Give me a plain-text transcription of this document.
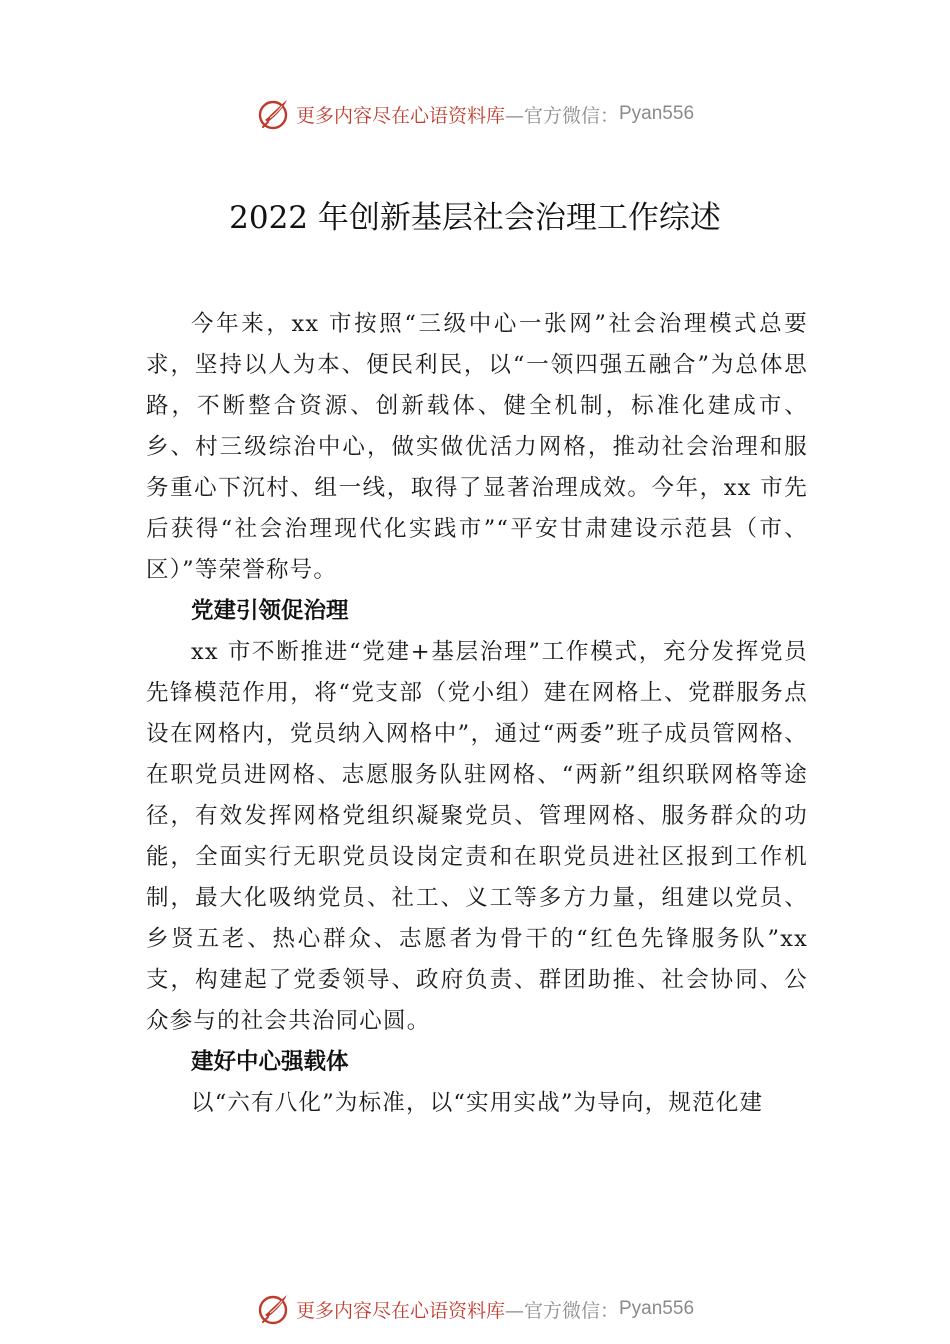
更多内容尽在心语资料库 —官方微信： Pyan556
2022 年创新基层社会治理工作综述

今年来，xx 市按照“三级中心一张网”社会治理模式总要求，坚持以人为本、便民利民，以“一领四强五融合”为总体思路，不断整合资源、创新载体、健全机制，标准化建成市、乡、村三级综治中心，做实做优活力网格，推动社会治理和服务重心下沉村、组一线，取得了显著治理成效。今年，xx 市先后获得“社会治理现代化实践市”“平安甘肃建设示范县（市、区）”等荣誉称号。

党建引领促治理

xx 市不断推进“党建+基层治理”工作模式，充分发挥党员先锋模范作用，将“党支部（党小组）建在网格上、党群服务点设在网格内，党员纳入网格中”，通过“两委”班子成员管网格、在职党员进网格、志愿服务队驻网格、“两新”组织联网格等途径，有效发挥网格党组织凝聚党员、管理网格、服务群众的功能，全面实行无职党员设岗定责和在职党员进社区报到工作机制，最大化吸纳党员、社工、义工等多方力量，组建以党员、乡贤五老、热心群众、志愿者为骨干的“红色先锋服务队”xx 支，构建起了党委领导、政府负责、群团助推、社会协同、公众参与的社会共治同心圆。

建好中心强载体

以“六有八化”为标准，以“实用实战”为导向，规范化建

更多内容尽在心语资料库 —官方微信： Pyan556
